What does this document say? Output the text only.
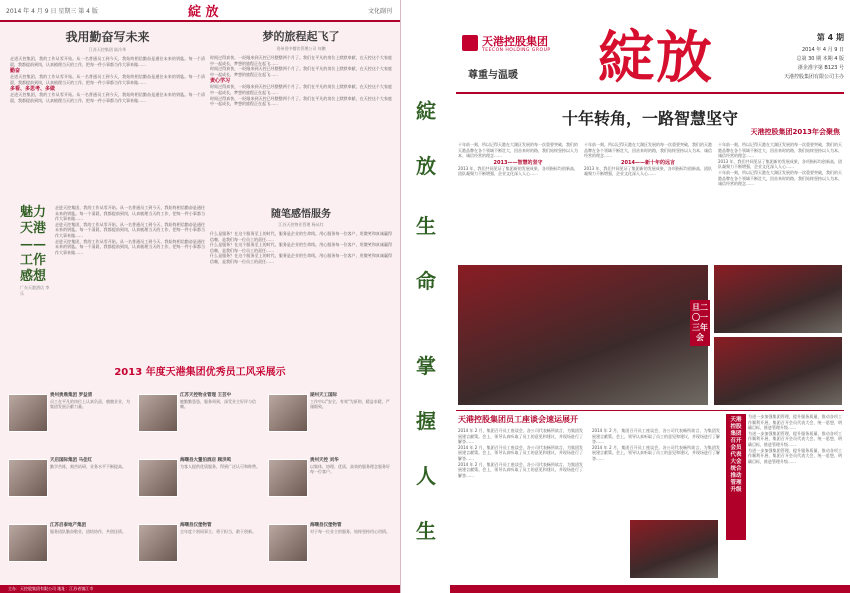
2014 年 4 月 9 日 星期三 第 4 版	綻 放	文化副刊
我用勤奋写未来
江苏天控集团 陆冷华

走进天控集团，我的工作从零开始。从一名普通员工到今天，我始终相信勤奋是通往未来的钥匙。每一个清晨，我都提前到岗，认真梳理当天的工作，把每一件小事都当作大事来做……

勤奋

走进天控集团，我的工作从零开始。从一名普通员工到今天，我始终相信勤奋是通往未来的钥匙。每一个清晨，我都提前到岗，认真梳理当天的工作，把每一件小事都当作大事来做……

多看、多思考、多做

走进天控集团，我的工作从零开始。从一名普通员工到今天，我始终相信勤奋是通往未来的钥匙。每一个清晨，我都提前到岗，认真梳理当天的工作，把每一件小事都当作大事来做……

梦的旅程起飞了
贵州贵中餐饮管理公司 何鹏

时间过得真快，一眨眼来到天控已经整整两个月了。我们在平凡的岗位上默默奉献，在天控这个大家庭中一起成长，梦想的旅程正在起飞……

时间过得真快，一眨眼来到天控已经整整两个月了。我们在平凡的岗位上默默奉献，在天控这个大家庭中一起成长，梦想的旅程正在起飞……

责心学习

时间过得真快，一眨眼来到天控已经整整两个月了。我们在平凡的岗位上默默奉献，在天控这个大家庭中一起成长，梦想的旅程正在起飞……

时间过得真快，一眨眼来到天控已经整整两个月了。我们在平凡的岗位上默默奉献，在天控这个大家庭中一起成长，梦想的旅程正在起飞……

魅力天港——工作感想
广东天港酒店 李乐

走进天控集团，我的工作从零开始。从一名普通员工到今天，我始终相信勤奋是通往未来的钥匙。每一个清晨，我都提前到岗，认真梳理当天的工作，把每一件小事都当作大事来做……

走进天控集团，我的工作从零开始。从一名普通员工到今天，我始终相信勤奋是通往未来的钥匙。每一个清晨，我都提前到岗，认真梳理当天的工作，把每一件小事都当作大事来做……

走进天控集团，我的工作从零开始。从一名普通员工到今天，我始终相信勤奋是通往未来的钥匙。每一个清晨，我都提前到岗，认真梳理当天的工作，把每一件小事都当作大事来做……

随笔感悟服务
江苏天控物业管理 杨从红

什么是服务？在这个服务至上的时代，服务是企业的生命线。用心服务每一位客户，用微笑和真诚赢得信赖，是我们每一位员工的责任……

什么是服务？在这个服务至上的时代，服务是企业的生命线。用心服务每一位客户，用微笑和真诚赢得信赖，是我们每一位员工的责任……

什么是服务？在这个服务至上的时代，服务是企业的生命线。用心服务每一位客户，用微笑和真诚赢得信赖，是我们每一位员工的责任……

2013 年度天港集团优秀员工风采展示
贵州贵鼎集团 罗益清
员工在平凡的岗位上认真负责，兢兢业业，为集团发展贡献力量。
江苏天控物业管理 王芸中
她勤勤恳恳，服务周到，深受业主好评与信赖。
湖州天工国际
工作中以"安全、有效"为原则，精益求精，严谨细致。
天启国际集团 马佳红
勤学苦练，刻苦钻研，业务水平不断提高。
海曙县大董伯酒店 顾洪鸣
为客人提供优质服务，得到广泛认可和称赞。
贵州天控 刘华
以集体、协理、优质、高效的服务理念服务好每一位客户。
江苏启泰地产集团
服务团队勤奋敬业，团结协作，共创佳绩。
海曙县汉堡物管
全年度个别同事立，勇于担当，敢于创新。
海曙县汉堡物管
对于每一位业主的服务，始终坚持用心用情。
主办：天控股集团有限公司 地址：江苏省镇江市
綻
放
生
命
掌
握
人
生
天港控股集团
TEECON HOLDING GROUP
尊重与温暖 綻放	第 4 期
2014 年 4 月 9 日
总第 30 期 本期 4 版
浙企准字第 B123 号
天港控股集团有限公司主办
十年转角，一路智慧坚守
天港控股集团2013年会聚焦

十年前一刻，所以记得天港在大湖区发展的每一次重要突破，我们的天港品牌在各个领域不断壮大，回首来时的路，我们始终坚持以人为本、诚信经营的理念……

2013——智慧的坚守

2013 年，我们共同见证了集团新的发展成果，各项指标均创新高，团队凝聚力不断增强，企业文化深入人心……

十年前一刻，所以记得天港在大湖区发展的每一次重要突破，我们的天港品牌在各个领域不断壮大，回首来时的路，我们始终坚持以人为本、诚信经营的理念……

2014——新十年的远言

2013 年，我们共同见证了集团新的发展成果，各项指标均创新高，团队凝聚力不断增强，企业文化深入人心……

十年前一刻，所以记得天港在大湖区发展的每一次重要突破，我们的天港品牌在各个领域不断壮大，回首来时的路，我们始终坚持以人为本、诚信经营的理念……

2013 年，我们共同见证了集团新的发展成果，各项指标均创新高，团队凝聚力不断增强，企业文化深入人心……

十年前一刻，所以记得天港在大湖区发展的每一次重要突破，我们的天港品牌在各个领域不断壮大，回首来时的路，我们始终坚持以人为本、诚信经营的理念……

旦二〇一三年会
天港控股集团员工座谈会速运展开

2014 年 2 月，集团召开员工座谈会，各公司代表畅所欲言，为集团发展建言献策。会上，领导认真听取了员工的意见和建议，并现场进行了解答……

2014 年 2 月，集团召开员工座谈会，各公司代表畅所欲言，为集团发展建言献策。会上，领导认真听取了员工的意见和建议，并现场进行了解答……

2014 年 2 月，集团召开员工座谈会，各公司代表畅所欲言，为集团发展建言献策。会上，领导认真听取了员工的意见和建议，并现场进行了解答……

2014 年 2 月，集团召开员工座谈会，各公司代表畅所欲言，为集团发展建言献策。会上，领导认真听取了员工的意见和建议，并现场进行了解答……

2014 年 2 月，集团召开员工座谈会，各公司代表畅所欲言，为集团发展建言献策。会上，领导认真听取了员工的意见和建议，并现场进行了解答……

天港控股集团召开会员代表大会统合推动管理升级

为进一步加强集团管理，提升服务质量，推动各项工作顺利开展，集团召开会员代表大会，统一思想，明确目标，推进管理升级……

为进一步加强集团管理，提升服务质量，推动各项工作顺利开展，集团召开会员代表大会，统一思想，明确目标，推进管理升级……

为进一步加强集团管理，提升服务质量，推动各项工作顺利开展，集团召开会员代表大会，统一思想，明确目标，推进管理升级……
